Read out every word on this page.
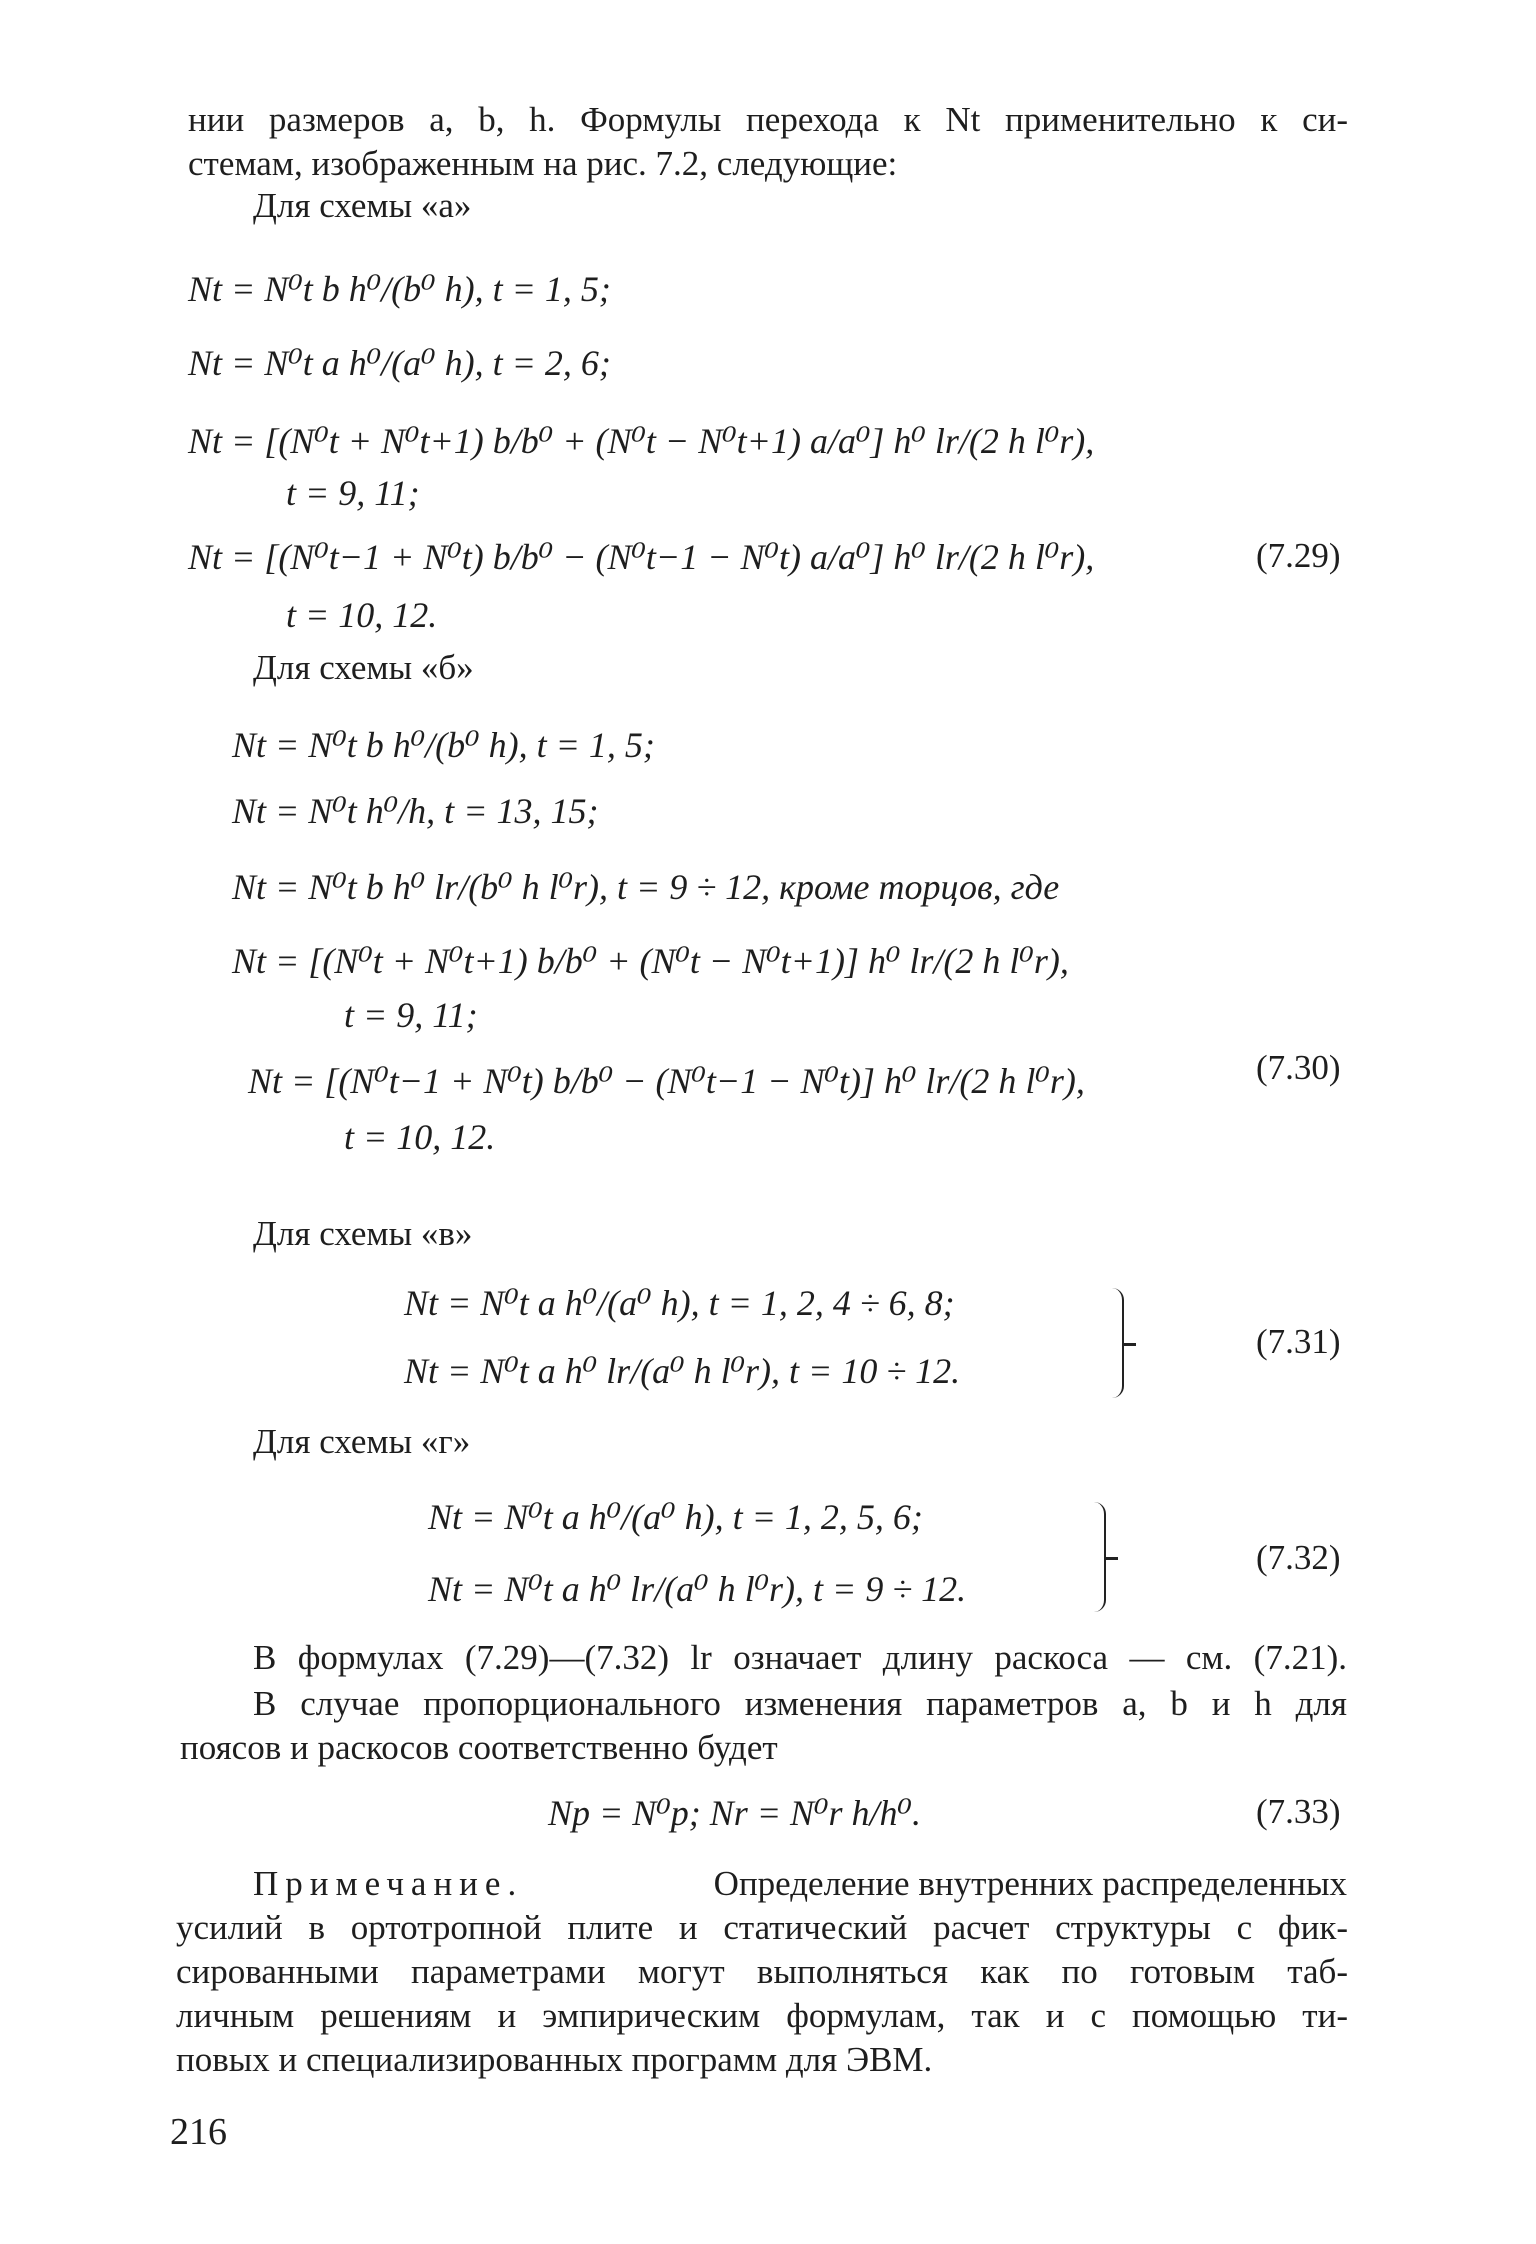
нии размеров a, b, h. Формулы перехода к Nt применительно к си-
стемам, изображенным на рис. 7.2, следующие:
Для схемы «а»
Nt = N⁰t b h⁰/(b⁰ h), t = 1, 5;
Nt = N⁰t a h⁰/(a⁰ h), t = 2, 6;
Nt = [(N⁰t + N⁰t+1) b/b⁰ + (N⁰t − N⁰t+1) a/a⁰] h⁰ lr/(2 h l⁰r),
t = 9, 11;
Nt = [(N⁰t−1 + N⁰t) b/b⁰ − (N⁰t−1 − N⁰t) a/a⁰] h⁰ lr/(2 h l⁰r),
t = 10, 12.
(7.29)
Для схемы «б»
Nt = N⁰t b h⁰/(b⁰ h), t = 1, 5;
Nt = N⁰t h⁰/h, t = 13, 15;
Nt = N⁰t b h⁰ lr/(b⁰ h l⁰r), t = 9 ÷ 12, кроме торцов, где
Nt = [(N⁰t + N⁰t+1) b/b⁰ + (N⁰t − N⁰t+1)] h⁰ lr/(2 h l⁰r),
t = 9, 11;
Nt = [(N⁰t−1 + N⁰t) b/b⁰ − (N⁰t−1 − N⁰t)] h⁰ lr/(2 h l⁰r),
t = 10, 12.
(7.30)
Для схемы «в»
Nt = N⁰t a h⁰/(a⁰ h), t = 1, 2, 4 ÷ 6, 8;
Nt = N⁰t a h⁰ lr/(a⁰ h l⁰r), t = 10 ÷ 12.
(7.31)
Для схемы «г»
Nt = N⁰t a h⁰/(a⁰ h), t = 1, 2, 5, 6;
Nt = N⁰t a h⁰ lr/(a⁰ h l⁰r), t = 9 ÷ 12.
(7.32)
В формулах (7.29)—(7.32) lr означает длину раскоса — см. (7.21).
В случае пропорционального изменения параметров a, b и h для
поясов и раскосов соответственно будет
Np = N⁰p; Nr = N⁰r h/h⁰.	(7.33)
Примечание.	Определение внутренних распределенных
усилий в ортотропной плите и статический расчет структуры с фик-
сированными параметрами могут выполняться как по готовым таб-
личным решениям и эмпирическим формулам, так и с помощью ти-
повых и специализированных программ для ЭВМ.
216
